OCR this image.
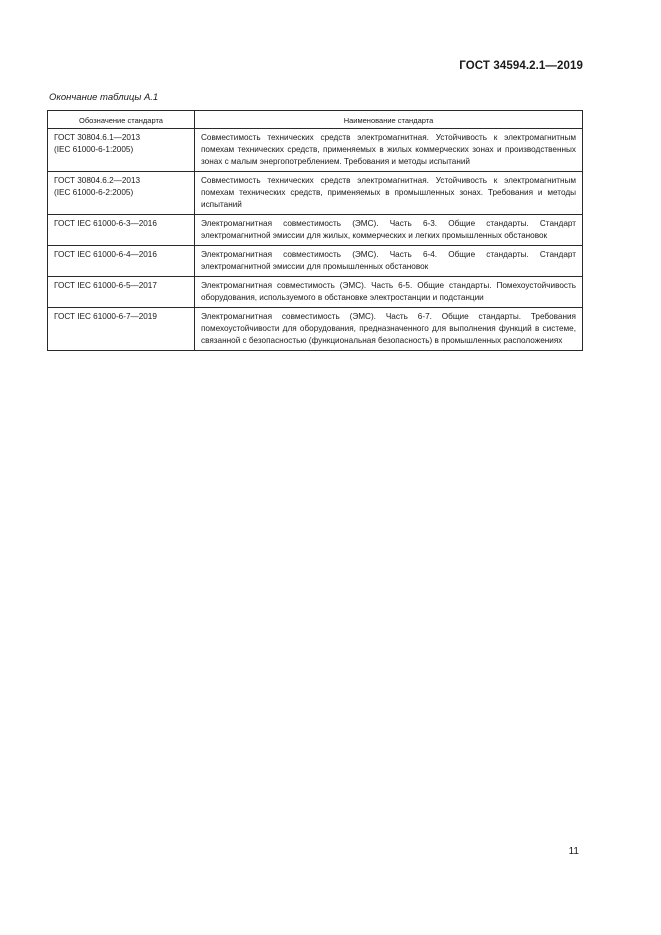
ГОСТ 34594.2.1—2019
Окончание таблицы А.1
Обозначение стандарта	Наименование стандарта

ГОСТ 30804.6.1—2013
(IEC 61000-6-1:2005)	Совместимость технических средств электромагнитная. Устойчивость к электромагнитным помехам технических средств, применяемых в жилых коммерческих зонах и производственных зонах с малым энергопотреблением. Требования и методы испытаний

ГОСТ 30804.6.2—2013
(IEC 61000-6-2:2005)	Совместимость технических средств электромагнитная. Устойчивость к электромагнитным помехам технических средств, применяемых в промышленных зонах. Требования и методы испытаний

ГОСТ IEC 61000-6-3—2016	Электромагнитная совместимость (ЭМС). Часть 6-3. Общие стандарты. Стандарт электромагнитной эмиссии для жилых, коммерческих и легких промышленных обстановок

ГОСТ IEC 61000-6-4—2016	Электромагнитная совместимость (ЭМС). Часть 6-4. Общие стандарты. Стандарт электромагнитной эмиссии для промышленных обстановок

ГОСТ IEC 61000-6-5—2017	Электромагнитная совместимость (ЭМС). Часть 6-5. Общие стандарты. Помехоустойчивость оборудования, используемого в обстановке электростанции и подстанции

ГОСТ IEC 61000-6-7—2019	Электромагнитная совместимость (ЭМС). Часть 6-7. Общие стандарты. Требования помехоустойчивости для оборудования, предназначенного для выполнения функций в системе, связанной с безопасностью (функциональная безопасность) в промышленных расположениях
11
